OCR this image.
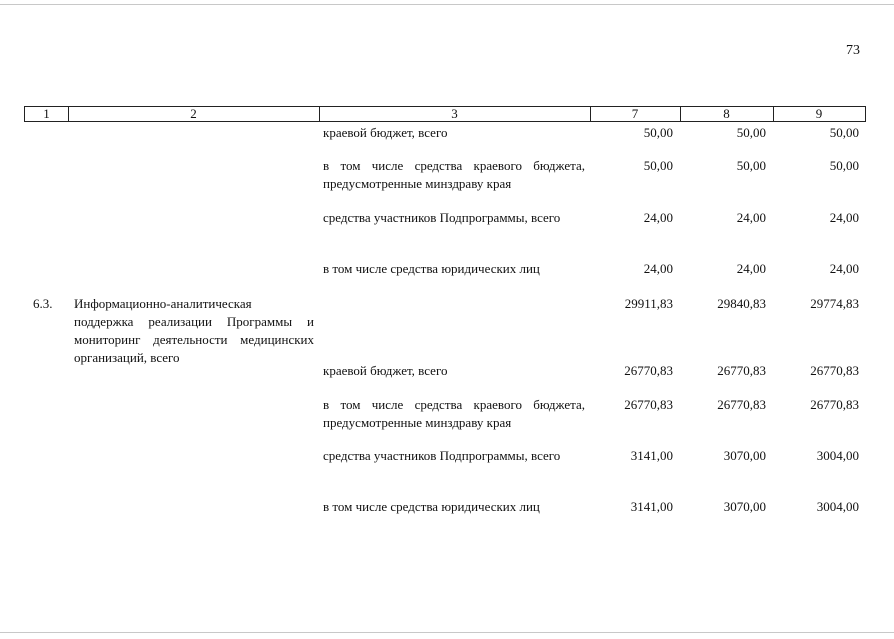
73
1	2	3	7	8	9
краевой бюджет, всего	50,00	50,00	50,00
в том числе средства краевого бюджета, предусмотренные минздраву края
50,00	50,00	50,00
средства участников Подпрограммы, всего	24,00	24,00	24,00
в том числе средства юридических лиц	24,00	24,00	24,00
6.3. Информационно-аналитическая поддержка реализации Программы и мониторинг деятельности медицинских организаций, всего
29911,83	29840,83	29774,83
краевой бюджет, всего	26770,83	26770,83	26770,83
в том числе средства краевого бюджета, предусмотренные минздраву края
26770,83	26770,83	26770,83
средства участников Подпрограммы, всего	3141,00	3070,00	3004,00
в том числе средства юридических лиц	3141,00	3070,00	3004,00
